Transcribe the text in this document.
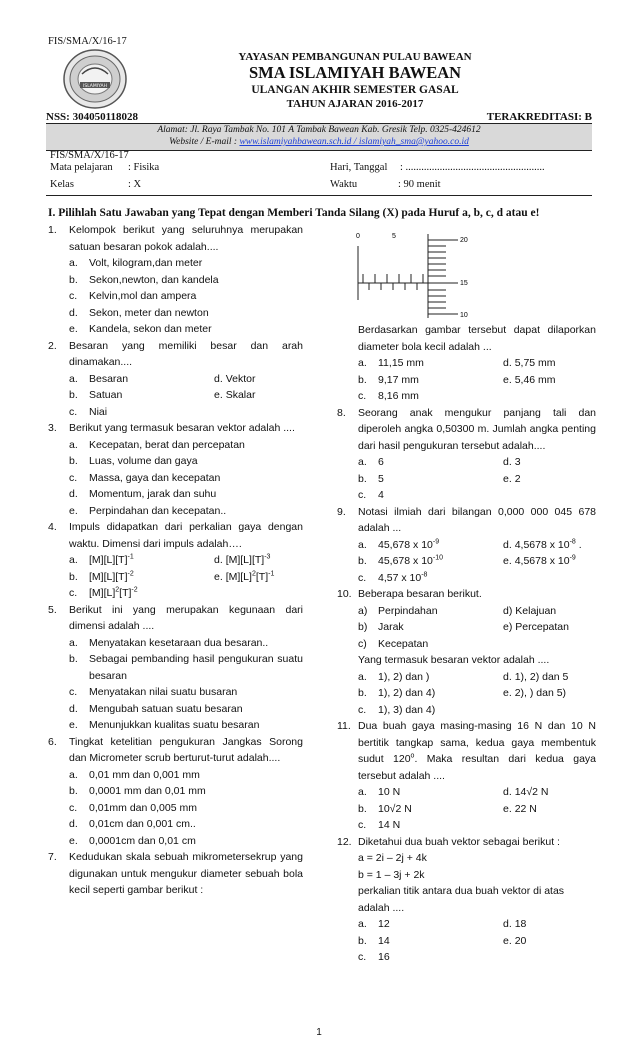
FIS/SMA/X/16-17
ISLAMIYAH
YAYASAN PEMBANGUNAN PULAU BAWEAN
SMA ISLAMIYAH BAWEAN
ULANGAN AKHIR SEMESTER GASAL
TAHUN AJARAN 2016-2017
NSS: 304050118028	TERAKREDITASI: B
Alamat: Jl. Raya Tambak No. 101 A Tambak Bawean Kab. Gresik Telp. 0325-424612
Website / E-mail : www.islamiyahbawean.sch.id / islamiyah_sma@yahoo.co.id
FIS/SMA/X/16-17
Mata pelajaran : Fisika
Kelas	: X
Hari, Tanggal : .....................................................
Waktu	: 90 menit
I. Pilihlah Satu Jawaban yang Tepat dengan Memberi Tanda Silang (X) pada Huruf a, b, c, d atau e!
1. Kelompok berikut yang seluruhnya merupakan satuan besaran pokok adalah....
a. Volt, kilogram,dan meter
b. Sekon,newton, dan kandela
c. Kelvin,mol dan ampera
d. Sekon, meter dan newton
e. Kandela, sekon dan meter
2. Besaran yang memiliki besar dan arah dinamakan....
a. Besaran	d. Vektor
b. Satuan	e. Skalar
c. Niai
3. Berikut yang termasuk besaran vektor adalah ....
a. Kecepatan, berat dan percepatan
b. Luas, volume dan gaya
c. Massa, gaya dan kecepatan
d. Momentum, jarak dan suhu
e. Perpindahan dan kecepatan..
4. Impuls didapatkan dari perkalian gaya dengan waktu. Dimensi dari impuls adalah….
a. $[M][L][T]^{-1}$	d. $[M][L][T]^{-3}$
b. $[M][L][T]^{-2}$	e. $[M][L]^2[T]^{-1}$
c. $[M][L]^2[T]^{-2}$
5. Berikut ini yang merupakan kegunaan dari dimensi adalah ....
a. Menyatakan kesetaraan dua besaran..
b. Sebagai pembanding hasil pengukuran suatu besaran
c. Menyatakan nilai suatu busaran
d. Mengubah satuan suatu besaran
e. Menunjukkan kualitas suatu besaran
6. Tingkat ketelitian pengukuran Jangkas Sorong dan Micrometer scrub berturut-turut adalah....
a. 0,01 mm dan 0,001 mm
b. 0,0001 mm dan 0,01 mm
c. 0,01mm dan 0,005 mm
d. 0,01cm dan 0,001 cm..
e. 0,0001cm dan 0,01 cm
7. Kedudukan skala sebuah mikrometersekrup yang digunakan untuk mengukur diameter sebuah bola kecil seperti gambar berikut :
0	5
20
15
10
Berdasarkan gambar tersebut dapat dilaporkan diameter bola kecil adalah ...
a. 11,15 mm	d. 5,75 mm
b. 9,17 mm	e. 5,46 mm
c. 8,16 mm
8. Seorang anak mengukur panjang tali dan diperoleh angka 0,50300 m. Jumlah angka penting dari hasil pengukuran tersebut adalah....
a. 6	d. 3
b. 5	e. 2
c. 4
9. Notasi ilmiah dari bilangan 0,000 000 045 678 adalah ...
a. 45,678 x $10^{-9}$	d. 4,5678 x $10^{-8}$ .
b. 45,678 x $10^{-10}$	e. 4,5678 x $10^{-9}$
c. 4,57 x $10^{-8}$
10. Beberapa besaran berikut.
a) Perpindahan	d) Kelajuan
b) Jarak	e) Percepatan
c) Kecepatan
Yang termasuk besaran vektor adalah ....
a. 1), 2) dan )	d. 1), 2) dan 5
b. 1), 2) dan 4)	e. 2), ) dan 5)
c. 1), 3) dan 4)
11. Dua buah gaya masing-masing 16 N dan 10 N bertitik tangkap sama, kedua gaya membentuk sudut 120$^o$. Maka resultan dari kedua gaya tersebut adalah ....
a. 10 N	d. 14√2 N
b. 10√2 N	e. 22 N
c. 14 N
12. Diketahui dua buah vektor sebagai berikut :
a = 2i – 2j + 4k
b = 1 – 3j + 2k
perkalian titik antara dua buah vektor di atas adalah ....
a. 12	d. 18
b. 14	e. 20
c. 16
1
